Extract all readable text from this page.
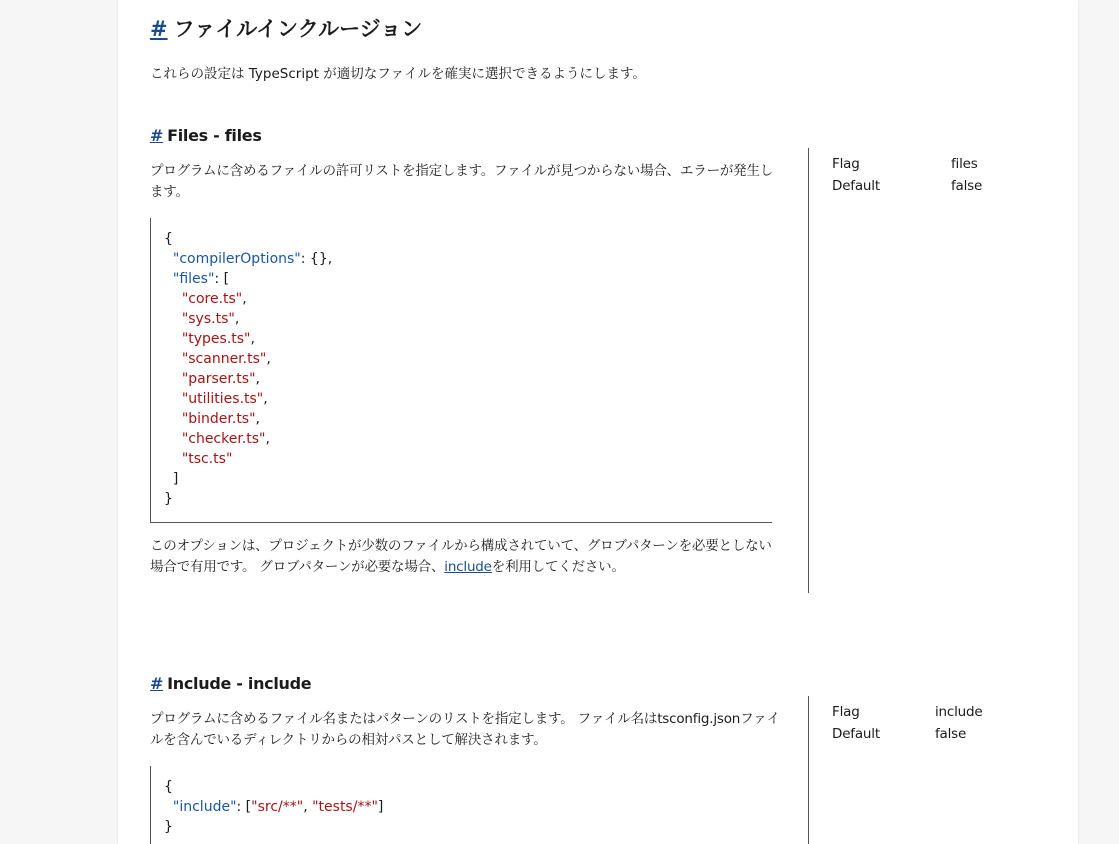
# ファイルインクルージョン

これらの設定は TypeScript が適切なファイルを確実に選択できるようにします。

# Files - files

プログラムに含めるファイルの許可リストを指定します。ファイルが見つからない場合、エラーが発生します。

{
"compilerOptions": {},
"files": [
"core.ts",
"sys.ts",
"types.ts",
"scanner.ts",
"parser.ts",
"utilities.ts",
"binder.ts",
"checker.ts",
"tsc.ts"
]
}

このオプションは、プロジェクトが少数のファイルから構成されていて、グロブパターンを必要としない場合で有用です。 グロブパターンが必要な場合、includeを利用してください。

Flag	files
Default	false
# Include - include

プログラムに含めるファイル名またはパターンのリストを指定します。 ファイル名はtsconfig.jsonファイルを含んでいるディレクトリからの相対パスとして解決されます。

{
"include": ["src/**", "tests/**"]
}
Flag	include
Default	false
